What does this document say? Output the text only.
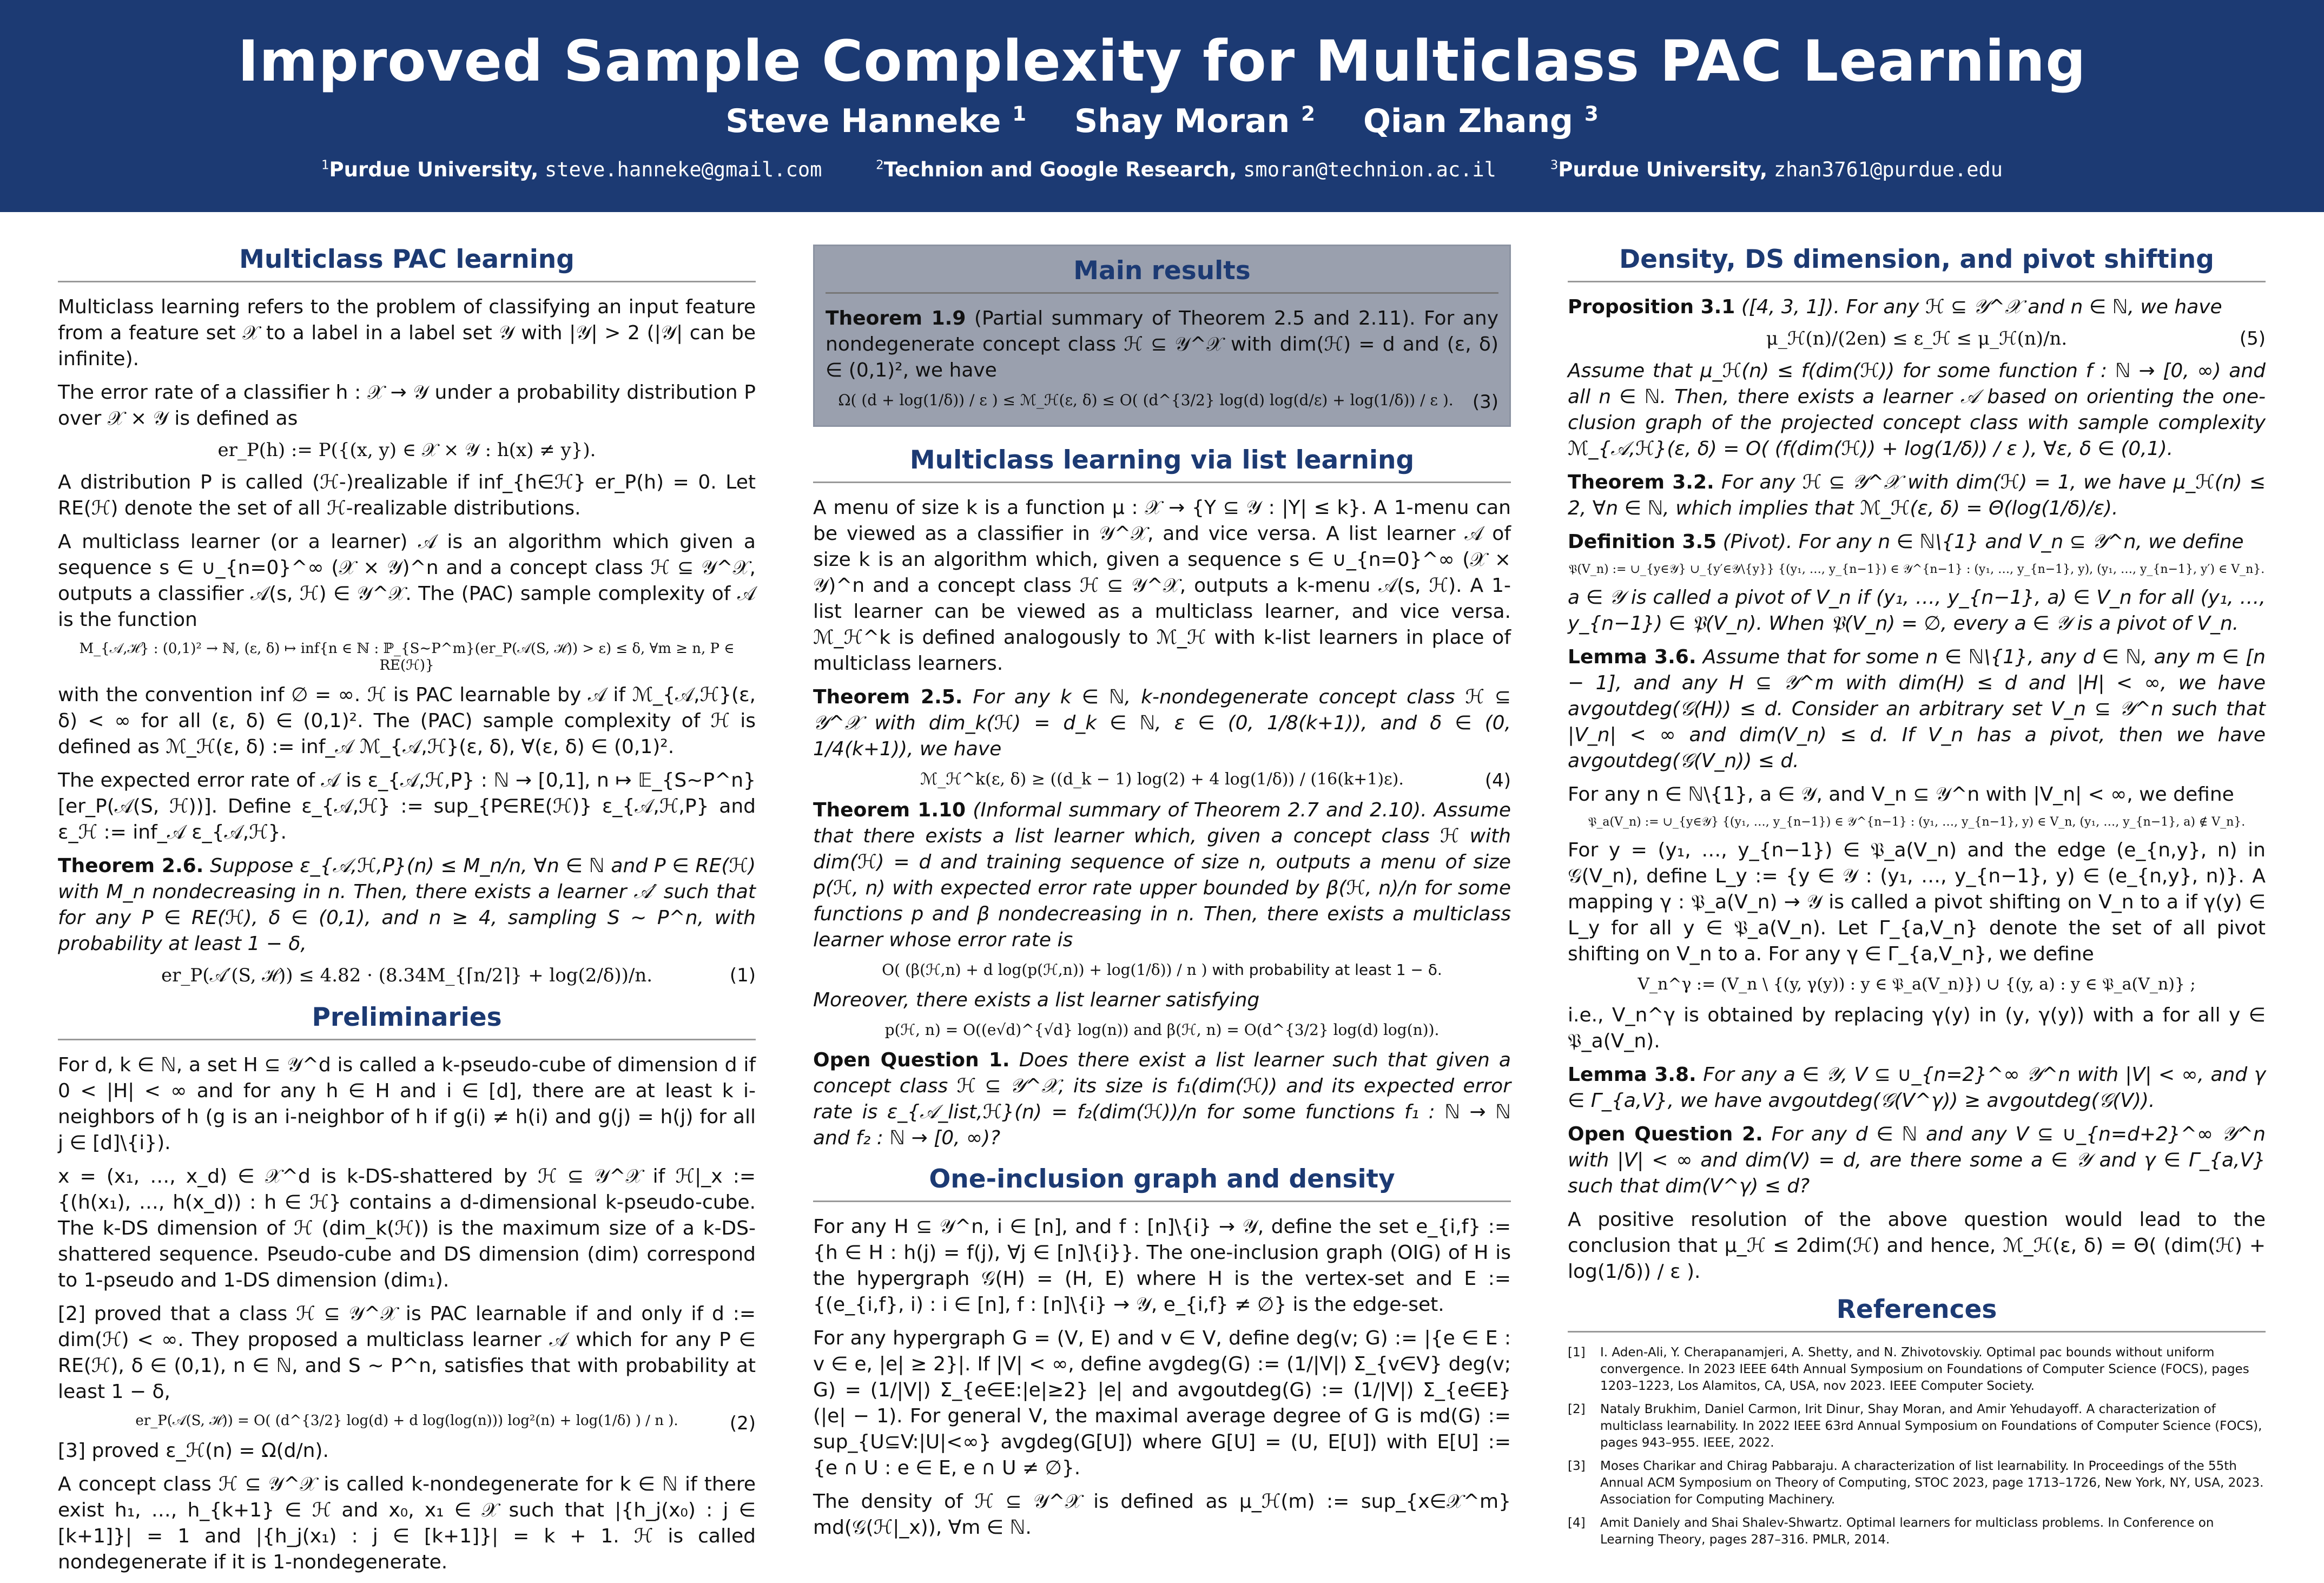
Improved Sample Complexity for Multiclass PAC Learning
Steve Hanneke $^1$ Shay Moran $^2$ Qian Zhang $^3$
$^1$Purdue University, steve.hanneke@gmail.com	$^2$Technion and Google Research, smoran@technion.ac.il	$^3$Purdue University, zhan3761@purdue.edu
Multiclass PAC learning

Multiclass learning refers to the problem of classifying an input feature from a feature set 𝒳 to a label in a label set 𝒴 with |𝒴| > 2 (|𝒴| can be infinite).

The error rate of a classifier h : 𝒳 → 𝒴 under a probability distribution P over 𝒳 × 𝒴 is defined as

er_P(h) := P({(x, y) ∈ 𝒳 × 𝒴 : h(x) ≠ y}).

A distribution P is called (ℋ-)realizable if inf_{h∈ℋ} er_P(h) = 0. Let RE(ℋ) denote the set of all ℋ-realizable distributions.

A multiclass learner (or a learner) 𝒜 is an algorithm which given a sequence s ∈ ∪_{n=0}^∞ (𝒳 × 𝒴)^n and a concept class ℋ ⊆ 𝒴^𝒳, outputs a classifier 𝒜(s, ℋ) ∈ 𝒴^𝒳. The (PAC) sample complexity of 𝒜 is the function

M_{𝒜,ℋ} : (0,1)² → ℕ, (ε, δ) ↦ inf{n ∈ ℕ : ℙ_{S∼P^m}(er_P(𝒜(S, ℋ)) > ε) ≤ δ, ∀m ≥ n, P ∈ RE(ℋ)}

with the convention inf ∅ = ∞. ℋ is PAC learnable by 𝒜 if ℳ_{𝒜,ℋ}(ε, δ) < ∞ for all (ε, δ) ∈ (0,1)². The (PAC) sample complexity of ℋ is defined as ℳ_ℋ(ε, δ) := inf_𝒜 ℳ_{𝒜,ℋ}(ε, δ), ∀(ε, δ) ∈ (0,1)².

The expected error rate of 𝒜 is ε_{𝒜,ℋ,P} : ℕ → [0,1], n ↦ 𝔼_{S∼P^n}[er_P(𝒜(S, ℋ))]. Define ε_{𝒜,ℋ} := sup_{P∈RE(ℋ)} ε_{𝒜,ℋ,P} and ε_ℋ := inf_𝒜 ε_{𝒜,ℋ}.

Theorem 2.6. Suppose ε_{𝒜,ℋ,P}(n) ≤ M_n/n, ∀n ∈ ℕ and P ∈ RE(ℋ) with M_n nondecreasing in n. Then, there exists a learner 𝒜′ such that for any P ∈ RE(ℋ), δ ∈ (0,1), and n ≥ 4, sampling S ∼ P^n, with probability at least 1 − δ,

er_P(𝒜′(S, ℋ)) ≤ 4.82 · (8.34M_{⌈n/2⌉} + log(2/δ))/n.	(1)
Preliminaries

For d, k ∈ ℕ, a set H ⊆ 𝒴^d is called a k-pseudo-cube of dimension d if 0 < |H| < ∞ and for any h ∈ H and i ∈ [d], there are at least k i-neighbors of h (g is an i-neighbor of h if g(i) ≠ h(i) and g(j) = h(j) for all j ∈ [d]\{i}).

x = (x₁, …, x_d) ∈ 𝒳^d is k-DS-shattered by ℋ ⊆ 𝒴^𝒳 if ℋ|_x := {(h(x₁), …, h(x_d)) : h ∈ ℋ} contains a d-dimensional k-pseudo-cube. The k-DS dimension of ℋ (dim_k(ℋ)) is the maximum size of a k-DS-shattered sequence. Pseudo-cube and DS dimension (dim) correspond to 1-pseudo and 1-DS dimension (dim₁).

[2] proved that a class ℋ ⊆ 𝒴^𝒳 is PAC learnable if and only if d := dim(ℋ) < ∞. They proposed a multiclass learner 𝒜 which for any P ∈ RE(ℋ), δ ∈ (0,1), n ∈ ℕ, and S ∼ P^n, satisfies that with probability at least 1 − δ,

er_P(𝒜(S, ℋ)) = O( (d^{3/2} log(d) + d log(log(n))) log²(n) + log(1/δ) ) / n ).	(2)

[3] proved ε_ℋ(n) = Ω(d/n).

A concept class ℋ ⊆ 𝒴^𝒳 is called k-nondegenerate for k ∈ ℕ if there exist h₁, …, h_{k+1} ∈ ℋ and x₀, x₁ ∈ 𝒳 such that |{h_j(x₀) : j ∈ [k+1]}| = 1 and |{h_j(x₁) : j ∈ [k+1]}| = k + 1. ℋ is called nondegenerate if it is 1-nondegenerate.

Main results

Theorem 1.9 (Partial summary of Theorem 2.5 and 2.11). For any nondegenerate concept class ℋ ⊆ 𝒴^𝒳 with dim(ℋ) = d and (ε, δ) ∈ (0,1)², we have

Ω( (d + log(1/δ)) / ε ) ≤ ℳ_ℋ(ε, δ) ≤ O( (d^{3/2} log(d) log(d/ε) + log(1/δ)) / ε ). (3)
Multiclass learning via list learning

A menu of size k is a function μ : 𝒳 → {Y ⊆ 𝒴 : |Y| ≤ k}. A 1-menu can be viewed as a classifier in 𝒴^𝒳, and vice versa. A list learner 𝒜 of size k is an algorithm which, given a sequence s ∈ ∪_{n=0}^∞ (𝒳 × 𝒴)^n and a concept class ℋ ⊆ 𝒴^𝒳, outputs a k-menu 𝒜(s, ℋ). A 1-list learner can be viewed as a multiclass learner, and vice versa. ℳ_ℋ^k is defined analogously to ℳ_ℋ with k-list learners in place of multiclass learners.

Theorem 2.5. For any k ∈ ℕ, k-nondegenerate concept class ℋ ⊆ 𝒴^𝒳 with dim_k(ℋ) = d_k ∈ ℕ, ε ∈ (0, 1/8(k+1)), and δ ∈ (0, 1/4(k+1)), we have

ℳ_ℋ^k(ε, δ) ≥ ((d_k − 1) log(2) + 4 log(1/δ)) / (16(k+1)ε).	(4)

Theorem 1.10 (Informal summary of Theorem 2.7 and 2.10). Assume that there exists a list learner which, given a concept class ℋ with dim(ℋ) = d and training sequence of size n, outputs a menu of size p(ℋ, n) with expected error rate upper bounded by β(ℋ, n)/n for some functions p and β nondecreasing in n. Then, there exists a multiclass learner whose error rate is

O( (β(ℋ,n) + d log(p(ℋ,n)) + log(1/δ)) / n ) with probability at least 1 − δ.

Moreover, there exists a list learner satisfying

p(ℋ, n) = O((e√d)^{√d} log(n)) and β(ℋ, n) = O(d^{3/2} log(d) log(n)).

Open Question 1. Does there exist a list learner such that given a concept class ℋ ⊆ 𝒴^𝒳, its size is f₁(dim(ℋ)) and its expected error rate is ε_{𝒜_list,ℋ}(n) = f₂(dim(ℋ))/n for some functions f₁ : ℕ → ℕ and f₂ : ℕ → [0, ∞)?

One-inclusion graph and density

For any H ⊆ 𝒴^n, i ∈ [n], and f : [n]\{i} → 𝒴, define the set e_{i,f} := {h ∈ H : h(j) = f(j), ∀j ∈ [n]\{i}}. The one-inclusion graph (OIG) of H is the hypergraph 𝒢(H) = (H, E) where H is the vertex-set and E := {(e_{i,f}, i) : i ∈ [n], f : [n]\{i} → 𝒴, e_{i,f} ≠ ∅} is the edge-set.

For any hypergraph G = (V, E) and v ∈ V, define deg(v; G) := |{e ∈ E : v ∈ e, |e| ≥ 2}|. If |V| < ∞, define avgdeg(G) := (1/|V|) Σ_{v∈V} deg(v; G) = (1/|V|) Σ_{e∈E:|e|≥2} |e| and avgoutdeg(G) := (1/|V|) Σ_{e∈E} (|e| − 1). For general V, the maximal average degree of G is md(G) := sup_{U⊆V:|U|<∞} avgdeg(G[U]) where G[U] = (U, E[U]) with E[U] := {e ∩ U : e ∈ E, e ∩ U ≠ ∅}.

The density of ℋ ⊆ 𝒴^𝒳 is defined as μ_ℋ(m) := sup_{x∈𝒳^m} md(𝒢(ℋ|_x)), ∀m ∈ ℕ.

Density, DS dimension, and pivot shifting

Proposition 3.1 ([4, 3, 1]). For any ℋ ⊆ 𝒴^𝒳 and n ∈ ℕ, we have

μ_ℋ(n)/(2en) ≤ ε_ℋ ≤ μ_ℋ(n)/n.	(5)

Assume that μ_ℋ(n) ≤ f(dim(ℋ)) for some function f : ℕ → [0, ∞) and all n ∈ ℕ. Then, there exists a learner 𝒜 based on orienting the one-clusion graph of the projected concept class with sample complexity ℳ_{𝒜,ℋ}(ε, δ) = O( (f(dim(ℋ)) + log(1/δ)) / ε ), ∀ε, δ ∈ (0,1).

Theorem 3.2. For any ℋ ⊆ 𝒴^𝒳 with dim(ℋ) = 1, we have μ_ℋ(n) ≤ 2, ∀n ∈ ℕ, which implies that ℳ_ℋ(ε, δ) = Θ(log(1/δ)/ε).

Definition 3.5 (Pivot). For any n ∈ ℕ\{1} and V_n ⊆ 𝒴^n, we define

𝔓(V_n) := ∪_{y∈𝒴} ∪_{y′∈𝒴\{y}} {(y₁, …, y_{n−1}) ∈ 𝒴^{n−1} : (y₁, …, y_{n−1}, y), (y₁, …, y_{n−1}, y′) ∈ V_n}.

a ∈ 𝒴 is called a pivot of V_n if (y₁, …, y_{n−1}, a) ∈ V_n for all (y₁, …, y_{n−1}) ∈ 𝔓(V_n). When 𝔓(V_n) = ∅, every a ∈ 𝒴 is a pivot of V_n.

Lemma 3.6. Assume that for some n ∈ ℕ\{1}, any d ∈ ℕ, any m ∈ [n − 1], and any H ⊆ 𝒴^m with dim(H) ≤ d and |H| < ∞, we have avgoutdeg(𝒢(H)) ≤ d. Consider an arbitrary set V_n ⊆ 𝒴^n such that |V_n| < ∞ and dim(V_n) ≤ d. If V_n has a pivot, then we have avgoutdeg(𝒢(V_n)) ≤ d.

For any n ∈ ℕ\{1}, a ∈ 𝒴, and V_n ⊆ 𝒴^n with |V_n| < ∞, we define

𝔓_a(V_n) := ∪_{y∈𝒴} {(y₁, …, y_{n−1}) ∈ 𝒴^{n−1} : (y₁, …, y_{n−1}, y) ∈ V_n, (y₁, …, y_{n−1}, a) ∉ V_n}.

For y = (y₁, …, y_{n−1}) ∈ 𝔓_a(V_n) and the edge (e_{n,y}, n) in 𝒢(V_n), define L_y := {y ∈ 𝒴 : (y₁, …, y_{n−1}, y) ∈ (e_{n,y}, n)}. A mapping γ : 𝔓_a(V_n) → 𝒴 is called a pivot shifting on V_n to a if γ(y) ∈ L_y for all y ∈ 𝔓_a(V_n). Let Γ_{a,V_n} denote the set of all pivot shifting on V_n to a. For any γ ∈ Γ_{a,V_n}, we define

V_n^γ := (V_n \ {(y, γ(y)) : y ∈ 𝔓_a(V_n)}) ∪ {(y, a) : y ∈ 𝔓_a(V_n)} ;

i.e., V_n^γ is obtained by replacing γ(y) in (y, γ(y)) with a for all y ∈ 𝔓_a(V_n).

Lemma 3.8. For any a ∈ 𝒴, V ⊆ ∪_{n=2}^∞ 𝒴^n with |V| < ∞, and γ ∈ Γ_{a,V}, we have avgoutdeg(𝒢(V^γ)) ≥ avgoutdeg(𝒢(V)).

Open Question 2. For any d ∈ ℕ and any V ⊆ ∪_{n=d+2}^∞ 𝒴^n with |V| < ∞ and dim(V) = d, are there some a ∈ 𝒴 and γ ∈ Γ_{a,V} such that dim(V^γ) ≤ d?

A positive resolution of the above question would lead to the conclusion that μ_ℋ ≤ 2dim(ℋ) and hence, ℳ_ℋ(ε, δ) = Θ( (dim(ℋ) + log(1/δ)) / ε ).

References
[1]	I. Aden-Ali, Y. Cherapanamjeri, A. Shetty, and N. Zhivotovskiy. Optimal pac bounds without uniform convergence. In 2023 IEEE 64th Annual Symposium on Foundations of Computer Science (FOCS), pages 1203–1223, Los Alamitos, CA, USA, nov 2023. IEEE Computer Society.
[2]	Nataly Brukhim, Daniel Carmon, Irit Dinur, Shay Moran, and Amir Yehudayoff. A characterization of multiclass learnability. In 2022 IEEE 63rd Annual Symposium on Foundations of Computer Science (FOCS), pages 943–955. IEEE, 2022.
[3]	Moses Charikar and Chirag Pabbaraju. A characterization of list learnability. In Proceedings of the 55th Annual ACM Symposium on Theory of Computing, STOC 2023, page 1713–1726, New York, NY, USA, 2023. Association for Computing Machinery.
[4]	Amit Daniely and Shai Shalev-Shwartz. Optimal learners for multiclass problems. In Conference on Learning Theory, pages 287–316. PMLR, 2014.
